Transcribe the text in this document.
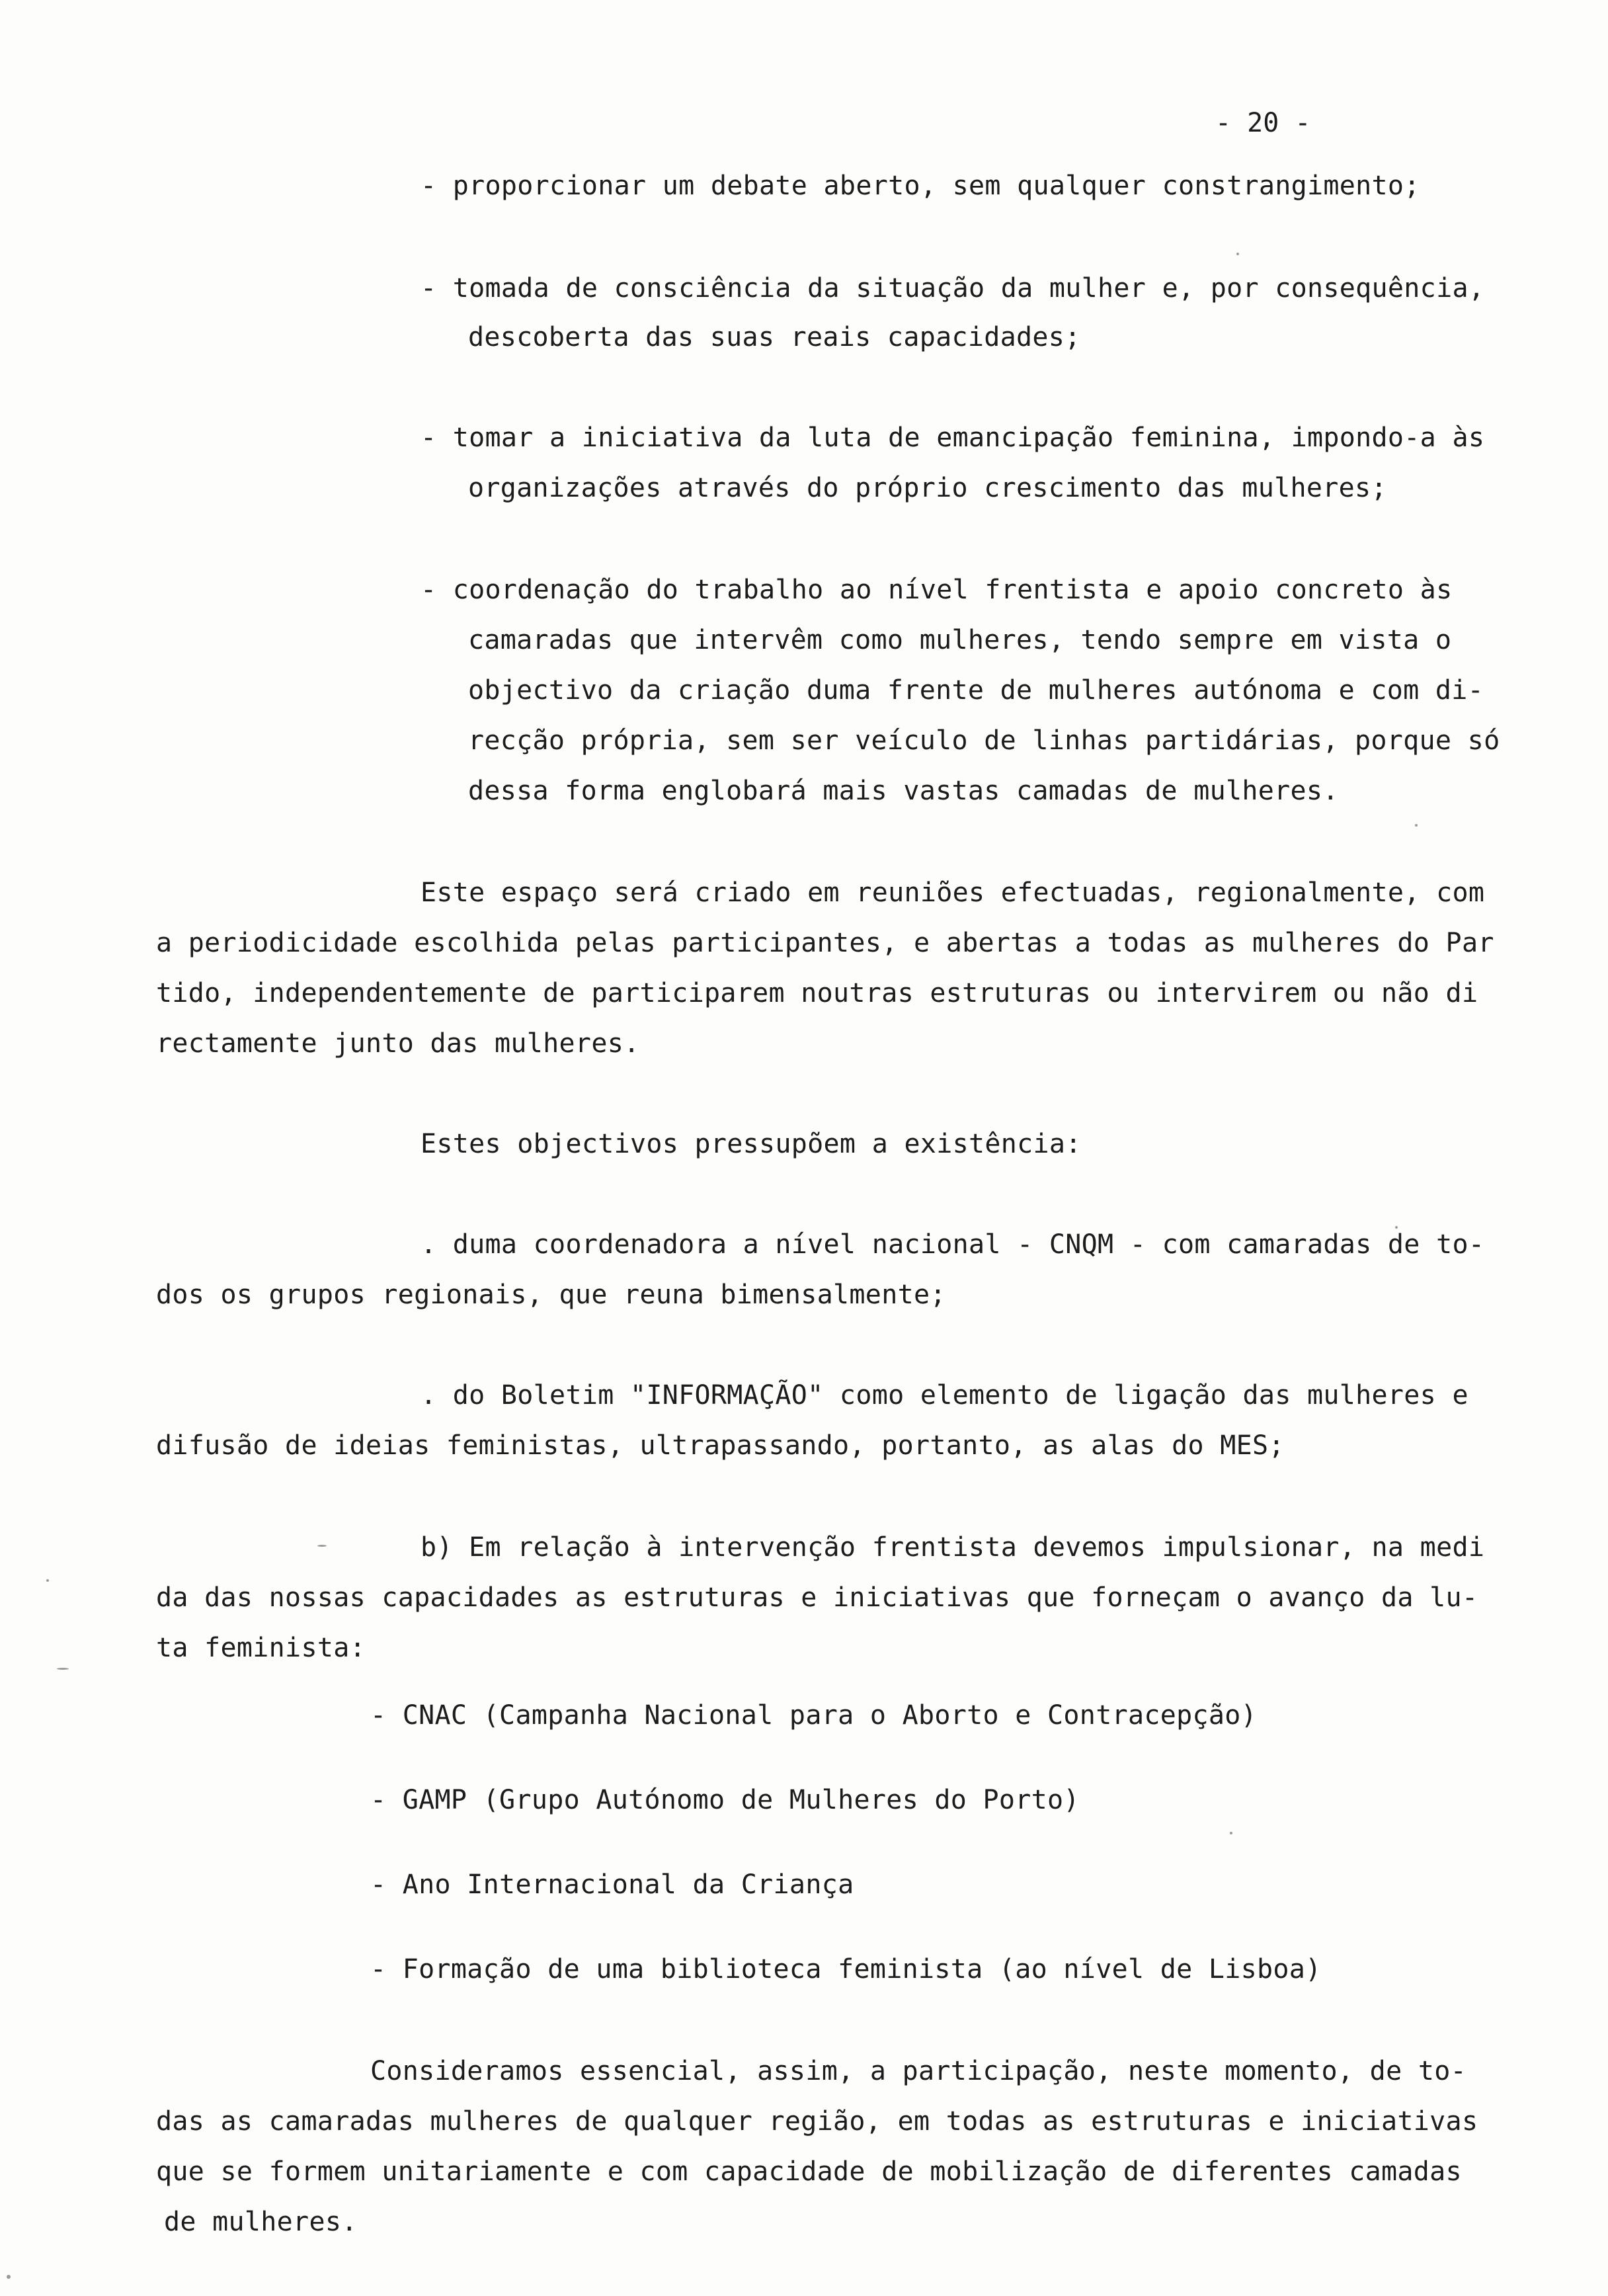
- 20 -
- proporcionar um debate aberto, sem qualquer constrangimento;
- tomada de consciência da situação da mulher e, por consequência,
descoberta das suas reais capacidades;
- tomar a iniciativa da luta de emancipação feminina, impondo-a às
organizações através do próprio crescimento das mulheres;
- coordenação do trabalho ao nível frentista e apoio concreto às
camaradas que intervêm como mulheres, tendo sempre em vista o
objectivo da criação duma frente de mulheres autónoma e com di-
recção própria, sem ser veículo de linhas partidárias, porque só
dessa forma englobará mais vastas camadas de mulheres.
Este espaço será criado em reuniões efectuadas, regionalmente, com
a periodicidade escolhida pelas participantes, e abertas a todas as mulheres do Par
tido, independentemente de participarem noutras estruturas ou intervirem ou não di
rectamente junto das mulheres.
Estes objectivos pressupõem a existência:
. duma coordenadora a nível nacional - CNQM - com camaradas de to-
dos os grupos regionais, que reuna bimensalmente;
. do Boletim "INFORMAÇÃO" como elemento de ligação das mulheres e
difusão de ideias feministas, ultrapassando, portanto, as alas do MES;
b) Em relação à intervenção frentista devemos impulsionar, na medi
da das nossas capacidades as estruturas e iniciativas que forneçam o avanço da lu-
ta feminista:
- CNAC (Campanha Nacional para o Aborto e Contracepção)
- GAMP (Grupo Autónomo de Mulheres do Porto)
- Ano Internacional da Criança
- Formação de uma biblioteca feminista (ao nível de Lisboa)
Consideramos essencial, assim, a participação, neste momento, de to-
das as camaradas mulheres de qualquer região, em todas as estruturas e iniciativas
que se formem unitariamente e com capacidade de mobilização de diferentes camadas
de mulheres.
